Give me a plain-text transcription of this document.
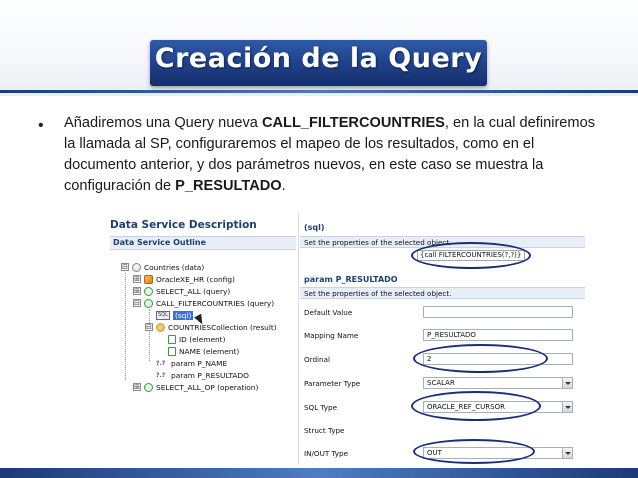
Creación de la Query
• Añadiremos una Query nueva CALL_FILTERCOUNTRIES, en la cual definiremos la llamada al SP, configuraremos el mapeo de los resultados, como en el documento anterior, y dos parámetros nuevos, en este caso se muestra la configuración de P_RESULTADO.
Data Service Description
Data Service Outline
⊟ Countries (data)
⊞ OracleXE_HR (config)
⊞ SELECT_ALL (query)
⊟ CALL_FILTERCOUNTRIES (query)
SQL (sql)
⊟ COUNTRIESCollection (result)
ID (element)
NAME (element)
?.? param P_NAME
?.? param P_RESULTADO
⊞ SELECT_ALL_OP (operation)
(sql)
Set the properties of the selected object.
{call FILTERCOUNTRIES(?,?)}
param P_RESULTADO
Set the properties of the selected object.
Default Value
Mapping Name	P_RESULTADO
Ordinal	2
Parameter Type	SCALAR
SQL Type	ORACLE_REF_CURSOR
Struct Type
IN/OUT Type	OUT
